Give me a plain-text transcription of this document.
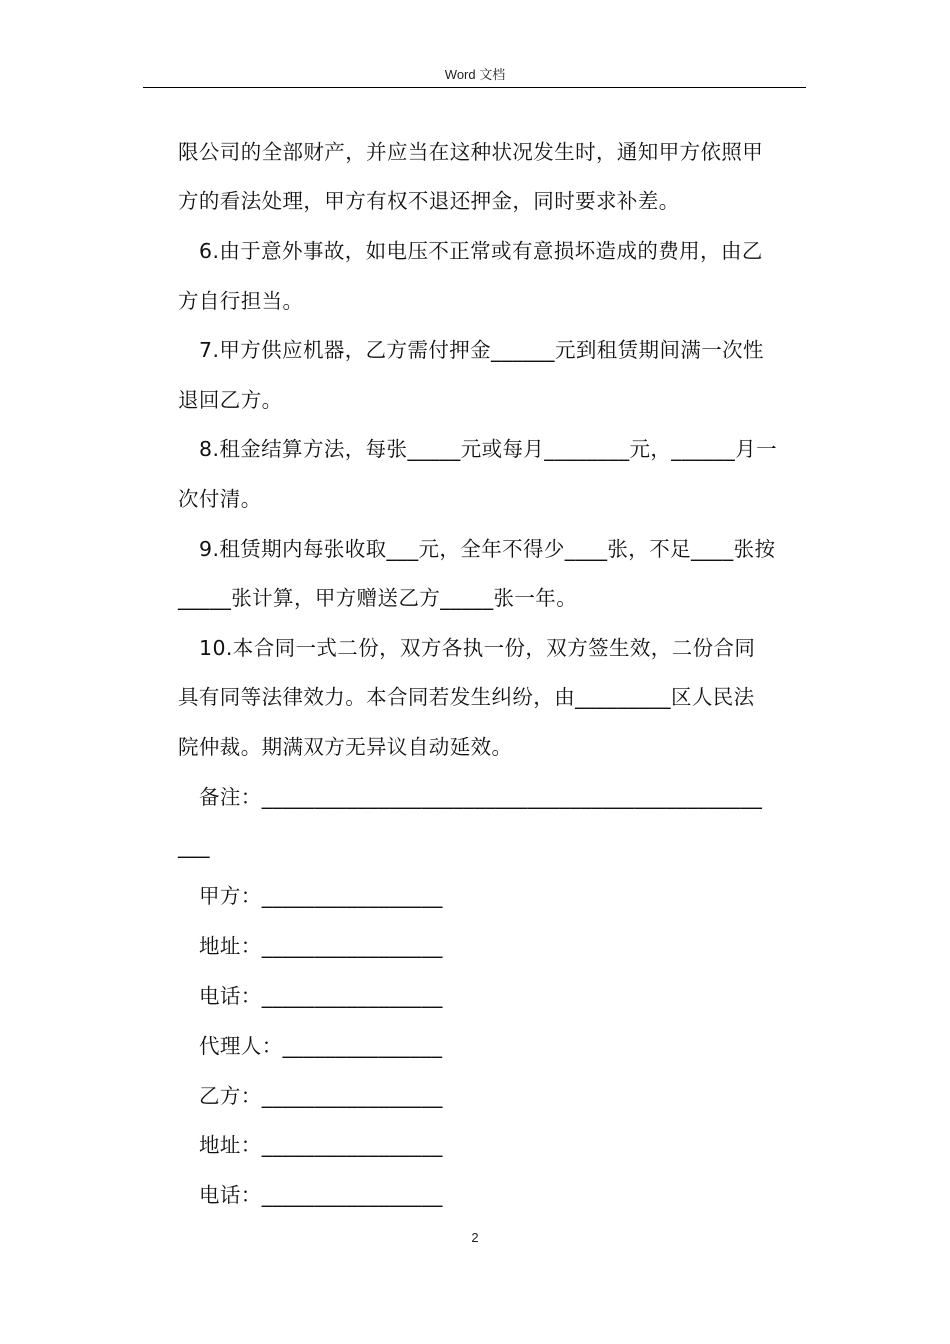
Word 文档
限公司的全部财产，并应当在这种状况发生时，通知甲方依照甲
方的看法处理，甲方有权不退还押金，同时要求补差。
6.由于意外事故，如电压不正常或有意损坏造成的费用，由乙
方自行担当。
7.甲方供应机器，乙方需付押金______元到租赁期间满一次性
退回乙方。
8.租金结算方法，每张_____元或每月________元，______月一
次付清。
9.租赁期内每张收取___元，全年不得少____张，不足____张按
_____张计算，甲方赠送乙方_____张一年。
10.本合同一式二份，双方各执一份，双方签生效，二份合同
具有同等法律效力。本合同若发生纠纷，由_________区人民法
院仲裁。期满双方无异议自动延效。
备注：_______________________________________________
___
甲方：_________________
地址：_________________
电话：_________________
代理人：_______________
乙方：_________________
地址：_________________
电话：_________________
2
